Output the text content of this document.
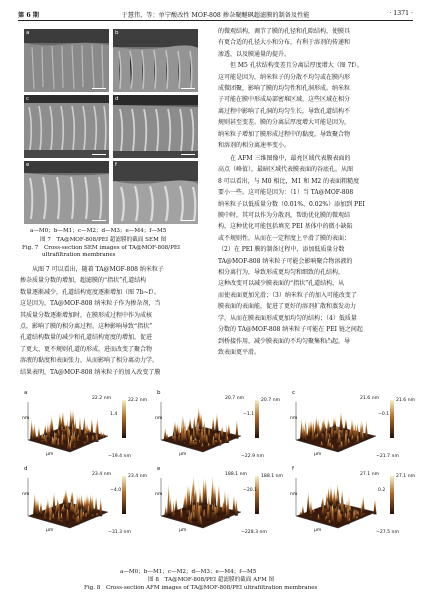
第 6 期	于慧伟，等：单宁酸改性 MOF-808 掺杂聚醚砜超滤膜的制备及性能	· 1371 ·
a	b
c	d
e	f
a—M0；b—M1；c—M2；d—M3；e—M4；f—M5
图 7　TA@MOF-808/PEI 超滤膜的截面 SEM 图
Fig. 7　Cross-section SEM images of TA@MOF-808/PEI
ultrafiltration membranes
　　从图 7 可以看出，随着 TA@MOF-808 纳米粒子
掺杂质量分数的增加，超滤膜的“指状”孔道结构
数量逐渐减少，孔道结构宽度逐渐增加（图 7b~f）。
这是因为，TA@MOF-808 纳米粒子作为掺杂剂，当
其质量分数逐渐增加时，在膜形成过程中作为成核
点，影响了膜的相分离过程。这种影响导致“指状”
孔道结构数量的减少和孔道结构宽度的增加，促进
了更大、更不规则孔道的形成。进而改变了聚合物
溶液的黏度和表面张力，从而影响了相分离动力学。
结果表明，TA@MOF-808 纳米粒子的加入改变了膜
的微观结构，调节了膜的孔径和孔隙结构，使膜具
有更合适的孔径大小和分布，有利于溶剂的传递和
渗透，以及膜通量的提升。
　　但 M5 孔状结构变差且分离层厚度增大（图 7f）。
这可能是因为，纳米粒子的分散不均匀或在膜内形
成微团聚，影响了膜的均匀性和孔洞形成。纳米粒
子可能在膜中形成局部密堆区域，这些区域在相分
离过程中影响了孔洞的均匀生长，导致孔道结构不
规则甚至变差。膜的分离层厚度增大可能是因为，
纳米粒子增加了膜形成过程中的黏度，导致聚合物
和溶剂的相分离速率变小。
　　在 AFM 三维图像中，最亮区域代表膜表面的
高点（峰值），最暗区域代表膜表面的谷底孔。从图
8 可以看出，与 M0 相比，M1 和 M2 的表面粗糙度
要小一些。这可能是因为：（1）当 TA@MOF-808
纳米粒子以低质量分数（0.01%、0.02%）添加到 PEI
膜中时，其可以作为分散剂，帮助优化膜的微观结
构，这种优化可能包括填充 PEI 基体中的微小缺陷
或不规则性，从而在一定程度上平滑了膜的表面；
（2）在 PEI 膜的制备过程中，添加低质量分数
TA@MOF-808 纳米粒子可能会影响聚合物溶液的
相分离行为，导致形成更均匀和细致的孔结构，
这种改变可以减少膜表面的“指状”孔道结构，从
而使表面更加光滑；（3）纳米粒子的加入可能改变了
膜表面的表面能，促进了更好的溶剂扩散和蒸发动力
学，从而在膜表面形成更加均匀的结构；（4）低质量
分数的 TA@MOF-808 纳米粒子可能在 PEI 链之间起
到桥接作用，减少膜表面的不均匀聚集和凸起，导
致表面更平滑。
22.2 nm
1.4
−19.4 nm
22.2 nm
μm
nm
a
20.7 nm
−1.1
−22.9 nm
20.7 nm
μm
nm
b
21.6 nm
−0.1
−21.7 nm
21.6 nm
μm
nm
c
23.4 nm
−4.0
−31.3 nm
23.4 nm
μm
nm
d
188.1 nm
−20.1
−228.3 nm
188.1 nm
μm
nm
e
27.1 nm
0.2
−27.5 nm
27.1 nm
μm
nm
f
a—M0；b—M1；c—M2；d—M3；e—M4；f—M5
图 8　TA@MOF-808/PEI 超滤膜的截面 AFM 图
Fig. 8　Cross-section AFM images of TA@MOF-808/PEI ultrafiltration membranes
